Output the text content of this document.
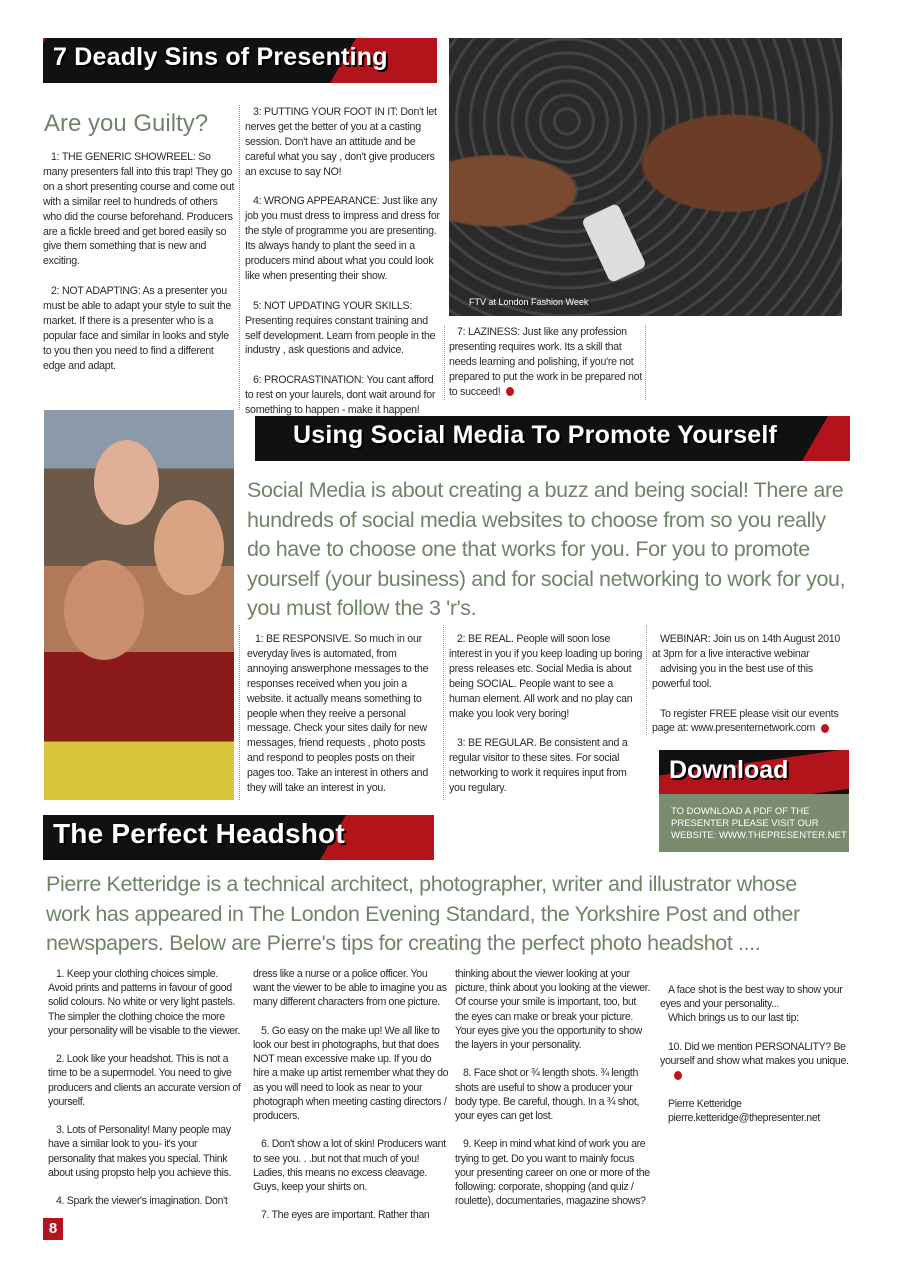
7 Deadly Sins of Presenting
FTV at London Fashion Week
Are you Guilty?

1: THE GENERIC SHOWREEL: So many presenters fall into this trap! They go on a short presenting course and come out with a similar reel to hundreds of others who did the course beforehand. Producers are a fickle breed and get bored easily so give them something that is new and exciting.

2: NOT ADAPTING: As a presenter you must be able to adapt your style to suit the market. If there is a presenter who is a popular face and similar in looks and style to you then you need to find a different edge and adapt.

3: PUTTING YOUR FOOT IN IT: Don't let nerves get the better of you at a casting session. Don't have an attitude and be careful what you say , don't give producers an excuse to say NO!

4: WRONG APPEARANCE: Just like any job you must dress to impress and dress for the style of programme you are presenting. Its always handy to plant the seed in a producers mind about what you could look like when presenting their show.

5: NOT UPDATING YOUR SKILLS: Presenting requires constant training and self development. Learn from people in the industry , ask questions and advice.

6: PROCRASTINATION: You cant afford to rest on your laurels, dont wait around for something to happen - make it happen!

7: LAZINESS: Just like any profession presenting requires work. Its a skill that needs learning and polishing, if you're not prepared to put the work in be prepared not to succeed!

Using Social Media To Promote Yourself
Social Media is about creating a buzz and being social! There are hundreds of social media websites to choose from so you really do have to choose one that works for you. For you to promote yourself (your business) and for social networking to work for you, you must follow the 3 'r's.

1: BE RESPONSIVE. So much in our everyday lives is automated, from annoying answerphone messages to the responses received when you join a website. it actually means something to people when they reeive a personal message. Check your sites daily for new messages, friend requests , photo posts and respond to peoples posts on their pages too. Take an interest in others and they will take an interest in you.

2: BE REAL. People will soon lose interest in you if you keep loading up boring press releases etc. Social Media is about being SOCIAL. People want to see a human element. All work and no play can make you look very boring!

3: BE REGULAR. Be consistent and a regular visitor to these sites. For social networking to work it requires input from you regulary.

WEBINAR: Join us on 14th August 2010 at 3pm for a live interactive webinar

advising you in the best use of this powerful tool.

To register FREE please visit our events page at: www.presenternetwork.com

Download
TO DOWNLOAD A PDF OF THE PRESENTER PLEASE VISIT OUR WEBSITE: WWW.THEPRESENTER.NET
The Perfect Headshot
Pierre Ketteridge is a technical architect, photographer, writer and illustrator whose work has appeared in The London Evening Standard, the Yorkshire Post and other newspapers. Below are Pierre's tips for creating the perfect photo headshot ....

1. Keep your clothing choices simple. Avoid prints and patterns in favour of good solid colours. No white or very light pastels. The simpler the clothing choice the more your personality will be visable to the viewer.

2. Look like your headshot. This is not a time to be a supermodel. You need to give producers and clients an accurate version of yourself.

3. Lots of Personality! Many people may have a similar look to you- it's your personality that makes you special. Think about using propsto help you achieve this.

4. Spark the viewer's imagination. Don't

dress like a nurse or a police officer. You want the viewer to be able to imagine you as many different characters from one picture.

5. Go easy on the make up! We all like to look our best in photographs, but that does NOT mean excessive make up. If you do hire a make up artist remember what they do as you will need to look as near to your photograph when meeting casting directors / producers.

6. Don't show a lot of skin! Producers want to see you. . .but not that much of you! Ladies, this means no excess cleavage. Guys, keep your shirts on.

7. The eyes are important. Rather than

thinking about the viewer looking at your picture, think about you looking at the viewer. Of course your smile is important, too, but the eyes can make or break your picture. Your eyes give you the opportunity to show the layers in your personality.

8. Face shot or ¾ length shots. ¾ length shots are useful to show a producer your body type. Be careful, though. In a ¾ shot, your eyes can get lost.

9. Keep in mind what kind of work you are trying to get. Do you want to mainly focus your presenting career on one or more of the following: corporate, shopping (and quiz / roulette), documentaries, magazine shows?

A face shot is the best way to show your eyes and your personality...

Which brings us to our last tip:

10. Did we mention PERSONALITY? Be yourself and show what makes you unique.

Pierre Ketteridge

pierre.ketteridge@thepresenter.net

8
